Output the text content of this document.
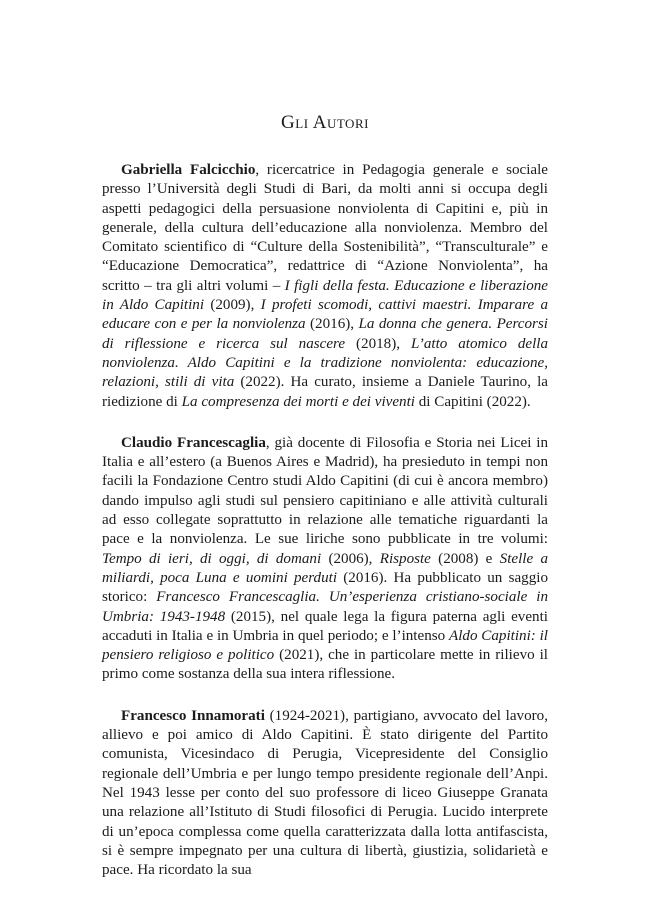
Gli Autori

Gabriella Falcicchio, ricercatrice in Pedagogia generale e sociale presso l’Università degli Studi di Bari, da molti anni si occupa degli aspetti pedagogici della persuasione nonviolenta di Capitini e, più in generale, della cultura dell’educazione alla nonviolenza. Membro del Comitato scientifico di “Culture della Sostenibilità”, “Transculturale” e “Educazione Democratica”, redattrice di “Azione Nonviolenta”, ha scritto – tra gli altri volumi – I figli della festa. Educazione e liberazione in Aldo Capitini (2009), I profeti scomodi, cattivi maestri. Imparare a educare con e per la nonviolenza (2016), La donna che genera. Percorsi di riflessione e ricerca sul nascere (2018), L’atto atomico della nonviolenza. Aldo Capitini e la tradizione nonviolenta: educazione, relazioni, stili di vita (2022). Ha curato, insieme a Daniele Taurino, la riedizione di La compresenza dei morti e dei viventi di Capitini (2022).

Claudio Francescaglia, già docente di Filosofia e Storia nei Licei in Italia e all’estero (a Buenos Aires e Madrid), ha presieduto in tempi non facili la Fondazione Centro studi Aldo Capitini (di cui è ancora membro) dando impulso agli studi sul pensiero capitiniano e alle attività culturali ad esso collegate soprattutto in relazione alle tematiche riguardanti la pace e la nonviolenza. Le sue liriche sono pubblicate in tre volumi: Tempo di ieri, di oggi, di domani (2006), Risposte (2008) e Stelle a miliardi, poca Luna e uomini perduti (2016). Ha pubblicato un saggio storico: Francesco Francescaglia. Un’esperienza cristiano-sociale in Umbria: 1943-1948 (2015), nel quale lega la figura paterna agli eventi accaduti in Italia e in Umbria in quel periodo; e l’intenso Aldo Capitini: il pensiero religioso e politico (2021), che in particolare mette in rilievo il primo come sostanza della sua intera riflessione.

Francesco Innamorati (1924-2021), partigiano, avvocato del lavoro, allievo e poi amico di Aldo Capitini. È stato dirigente del Partito comunista, Vicesindaco di Perugia, Vicepresidente del Consiglio regionale dell’Umbria e per lungo tempo presidente regionale dell’Anpi. Nel 1943 lesse per conto del suo professore di liceo Giuseppe Granata una relazione all’Istituto di Studi filosofici di Perugia. Lucido interprete di un’epoca complessa come quella caratterizzata dalla lotta antifascista, si è sempre impegnato per una cultura di libertà, giustizia, solidarietà e pace. Ha ricordato la sua
